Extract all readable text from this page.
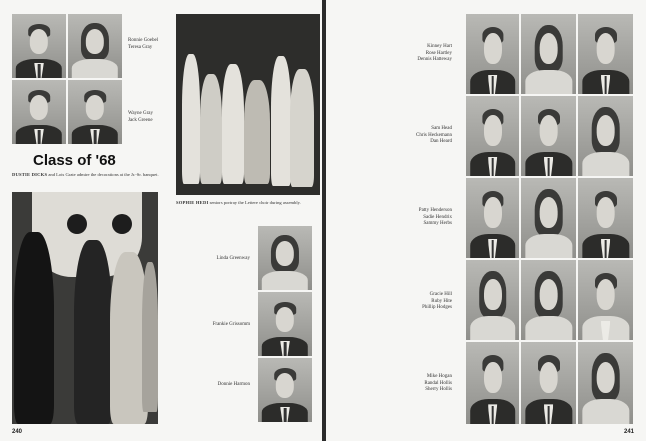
Ronnie Goebel
Teresa Gray
Wayne Gray
Jack Greene
Class of '68
DUSTIE DICKS and Lois Grate admire the decorations at the Jr.-Sr. banquet.
SOPHIE HEDI seniors portray the Lettere choir during assembly.
Linda Greenway
Frankie Grissomm
Donnie Harmon
240
Kinney Hart
Rose Hartley
Dennis Hatteway
Sam Head
Chris Heckemann
Dan Heard
Patty Henderson
Sadie Hendrix
Sammy Herbs
Gracie Hill
Ruby Hite
Phillip Hodges
Mike Hogan
Randal Hollis
Sherry Hollis
241
